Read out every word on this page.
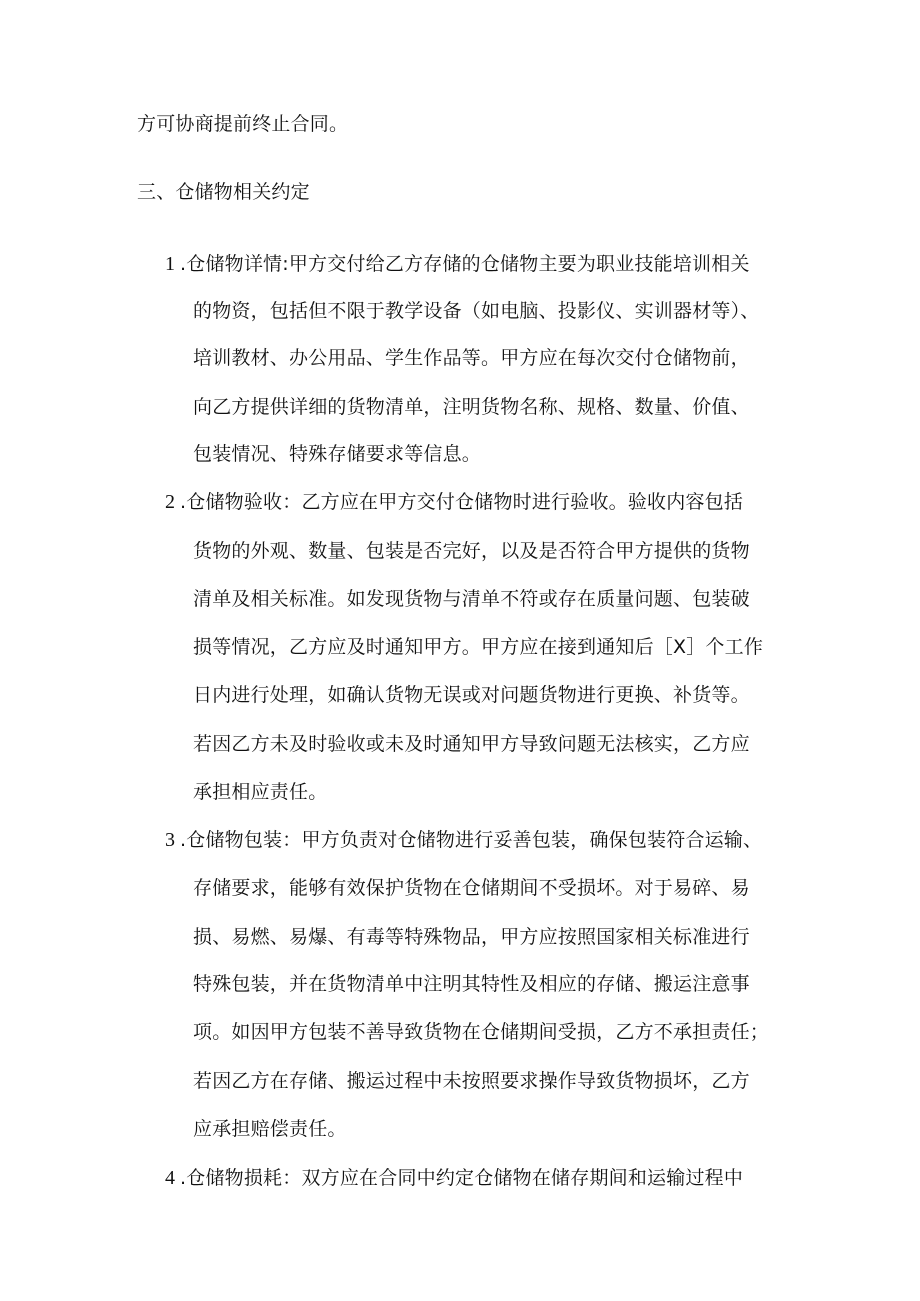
方可协商提前终止合同。
三、仓储物相关约定
1 .仓储物详情:甲方交付给乙方存储的仓储物主要为职业技能培训相关
的物资，包括但不限于教学设备（如电脑、投影仪、实训器材等）、
培训教材、办公用品、学生作品等。甲方应在每次交付仓储物前，
向乙方提供详细的货物清单，注明货物名称、规格、数量、价值、
包装情况、特殊存储要求等信息。
2 .仓储物验收：乙方应在甲方交付仓储物时进行验收。验收内容包括
货物的外观、数量、包装是否完好，以及是否符合甲方提供的货物
清单及相关标准。如发现货物与清单不符或存在质量问题、包装破
损等情况，乙方应及时通知甲方。甲方应在接到通知后［X］个工作
日内进行处理，如确认货物无误或对问题货物进行更换、补货等。
若因乙方未及时验收或未及时通知甲方导致问题无法核实，乙方应
承担相应责任。
3 .仓储物包装：甲方负责对仓储物进行妥善包装，确保包装符合运输、
存储要求，能够有效保护货物在仓储期间不受损坏。对于易碎、易
损、易燃、易爆、有毒等特殊物品，甲方应按照国家相关标准进行
特殊包装，并在货物清单中注明其特性及相应的存储、搬运注意事
项。如因甲方包装不善导致货物在仓储期间受损，乙方不承担责任；
若因乙方在存储、搬运过程中未按照要求操作导致货物损坏，乙方
应承担赔偿责任。
4 .仓储物损耗：双方应在合同中约定仓储物在储存期间和运输过程中
